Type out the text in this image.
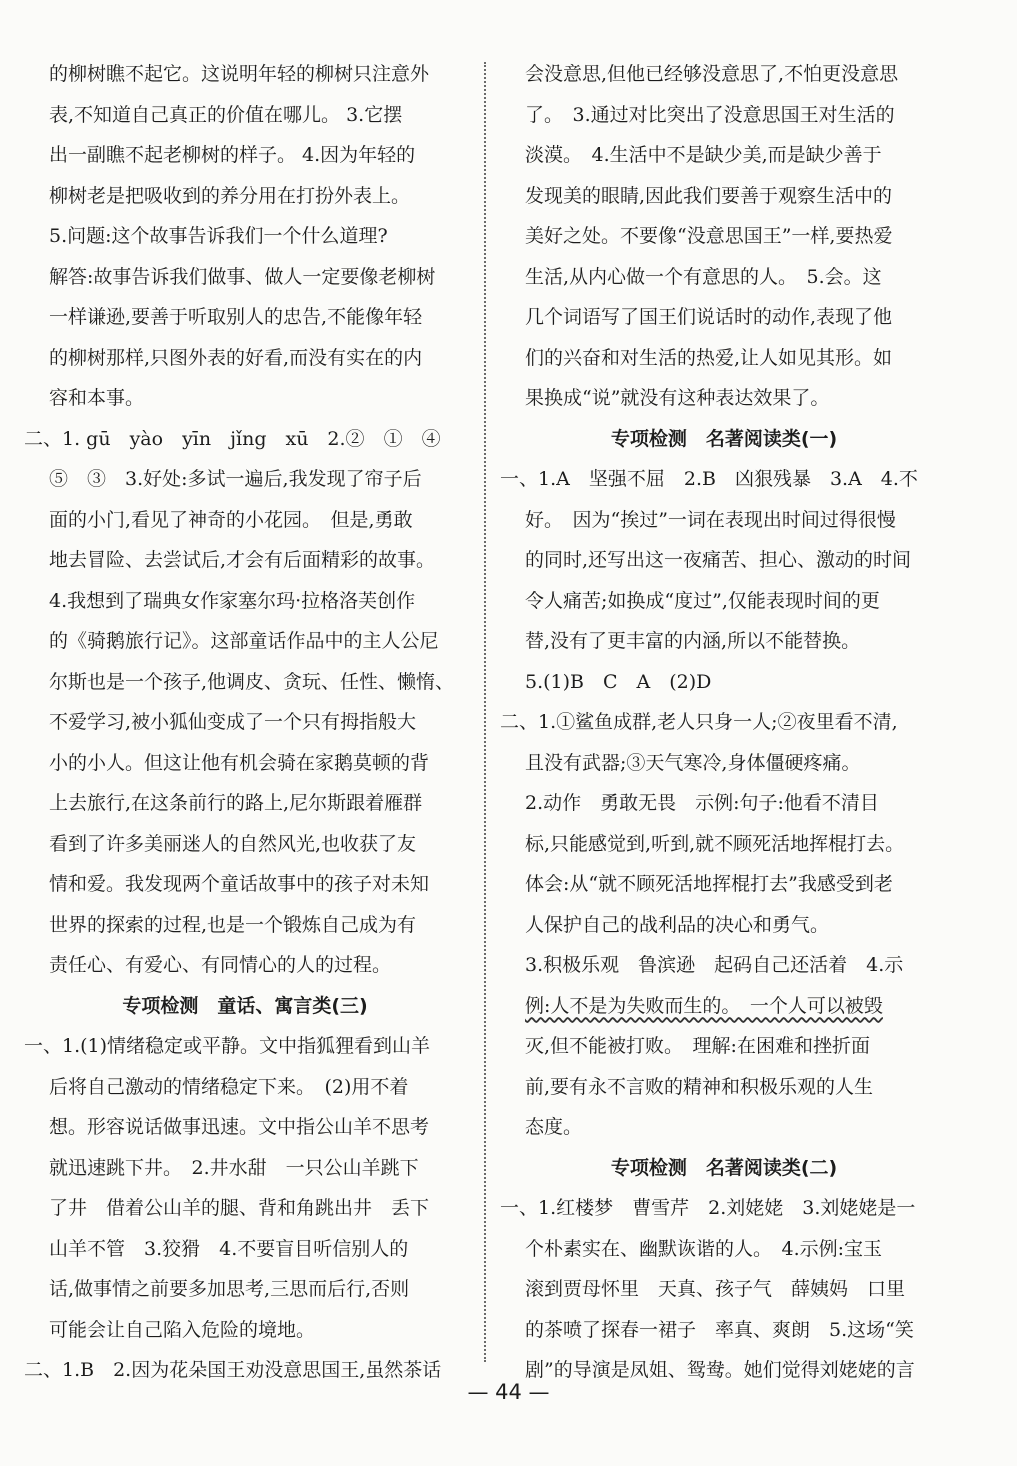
的柳树瞧不起它。这说明年轻的柳树只注意外
表,不知道自己真正的价值在哪儿。 3.它摆
出一副瞧不起老柳树的样子。 4.因为年轻的
柳树老是把吸收到的养分用在打扮外表上。
5.问题:这个故事告诉我们一个什么道理?
解答:故事告诉我们做事、做人一定要像老柳树
一样谦逊,要善于听取别人的忠告,不能像年轻
的柳树那样,只图外表的好看,而没有实在的内
容和本事。
二、1. gū　yào　yīn　jǐng　xū　2.②　①　④
⑤　③　3.好处:多试一遍后,我发现了帘子后
面的小门,看见了神奇的小花园。　但是,勇敢
地去冒险、去尝试后,才会有后面精彩的故事。
4.我想到了瑞典女作家塞尔玛·拉格洛芙创作
的《骑鹅旅行记》。这部童话作品中的主人公尼
尔斯也是一个孩子,他调皮、贪玩、任性、懒惰、
不爱学习,被小狐仙变成了一个只有拇指般大
小的小人。但这让他有机会骑在家鹅莫顿的背
上去旅行,在这条前行的路上,尼尔斯跟着雁群
看到了许多美丽迷人的自然风光,也收获了友
情和爱。我发现两个童话故事中的孩子对未知
世界的探索的过程,也是一个锻炼自己成为有
责任心、有爱心、有同情心的人的过程。
专项检测　童话、寓言类(三)
一、1.(1)情绪稳定或平静。文中指狐狸看到山羊
后将自己激动的情绪稳定下来。　(2)用不着
想。形容说话做事迅速。文中指公山羊不思考
就迅速跳下井。　2.井水甜　一只公山羊跳下
了井　借着公山羊的腿、背和角跳出井　丢下
山羊不管　3.狡猾　4.不要盲目听信别人的
话,做事情之前要多加思考,三思而后行,否则
可能会让自己陷入危险的境地。
二、1.B　2.因为花朵国王劝没意思国王,虽然茶话
会没意思,但他已经够没意思了,不怕更没意思
了。　3.通过对比突出了没意思国王对生活的
淡漠。　4.生活中不是缺少美,而是缺少善于
发现美的眼睛,因此我们要善于观察生活中的
美好之处。不要像“没意思国王”一样,要热爱
生活,从内心做一个有意思的人。　5.会。这
几个词语写了国王们说话时的动作,表现了他
们的兴奋和对生活的热爱,让人如见其形。如
果换成“说”就没有这种表达效果了。
专项检测　名著阅读类(一)
一、1.A　坚强不屈　2.B　凶狠残暴　3.A　4.不
好。　因为“挨过”一词在表现出时间过得很慢
的同时,还写出这一夜痛苦、担心、激动的时间
令人痛苦;如换成“度过”,仅能表现时间的更
替,没有了更丰富的内涵,所以不能替换。
5.(1)B　C　A　(2)D
二、1.①鲨鱼成群,老人只身一人;②夜里看不清,
且没有武器;③天气寒冷,身体僵硬疼痛。
2.动作　勇敢无畏　示例:句子:他看不清目
标,只能感觉到,听到,就不顾死活地挥棍打去。
体会:从“就不顾死活地挥棍打去”我感受到老
人保护自己的战利品的决心和勇气。
3.积极乐观　鲁滨逊　起码自己还活着　4.示
例:人不是为失败而生的。　一个人可以被毁
灭,但不能被打败。　理解:在困难和挫折面
前,要有永不言败的精神和积极乐观的人生
态度。
专项检测　名著阅读类(二)
一、1.红楼梦　曹雪芹　2.刘姥姥　3.刘姥姥是一
个朴素实在、幽默诙谐的人。　4.示例:宝玉
滚到贾母怀里　天真、孩子气　薛姨妈　口里
的茶喷了探春一裙子　率真、爽朗　5.这场“笑
剧”的导演是凤姐、鸳鸯。她们觉得刘姥姥的言
— 44 —
